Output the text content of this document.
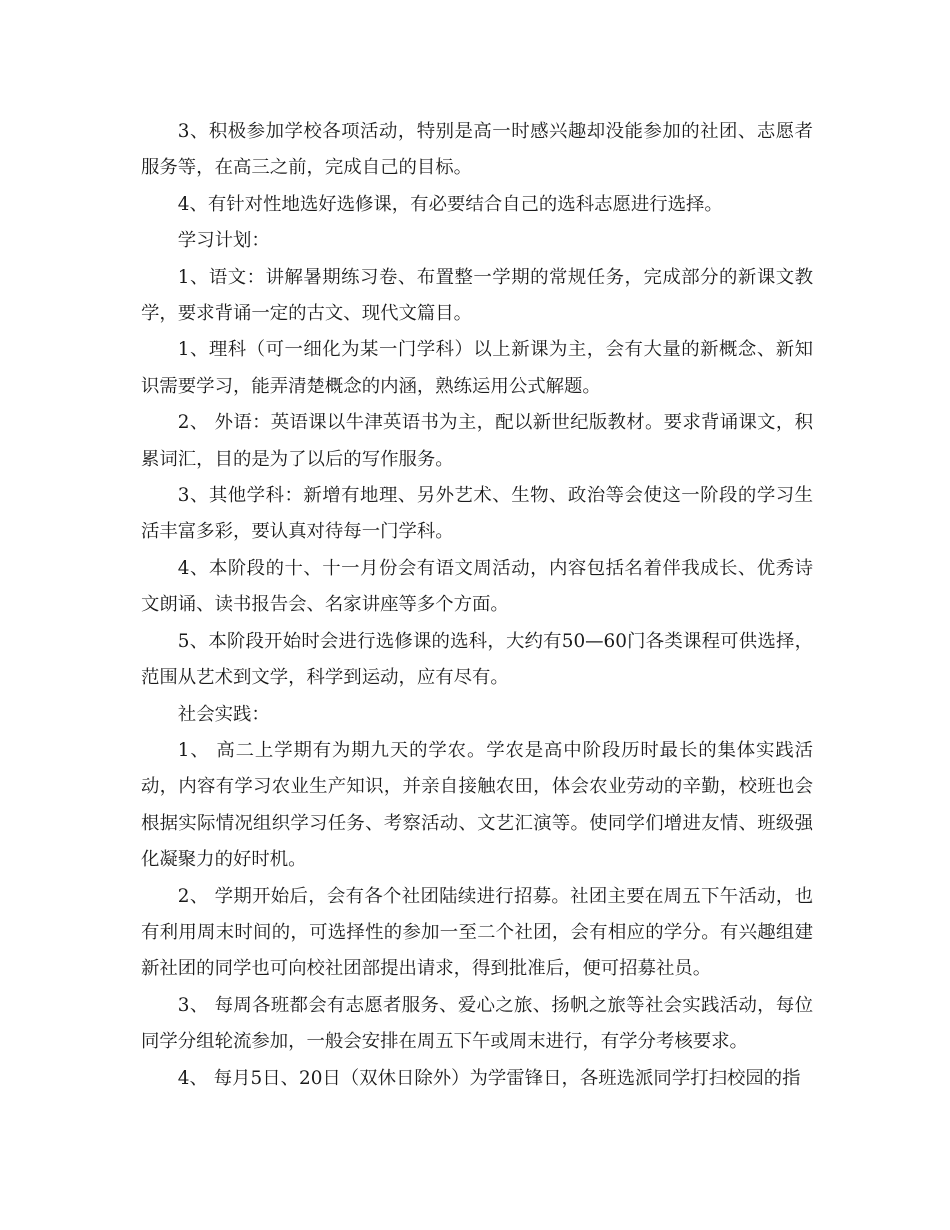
3、积极参加学校各项活动，特别是高一时感兴趣却没能参加的社团、志愿者服务等，在高三之前，完成自己的目标。

4、有针对性地选好选修课，有必要结合自己的选科志愿进行选择。

学习计划：

1、语文：讲解暑期练习卷、布置整一学期的常规任务，完成部分的新课文教学，要求背诵一定的古文、现代文篇目。

1、理科（可一细化为某一门学科）以上新课为主，会有大量的新概念、新知识需要学习，能弄清楚概念的内涵，熟练运用公式解题。

2、 外语：英语课以牛津英语书为主，配以新世纪版教材。要求背诵课文，积累词汇，目的是为了以后的写作服务。

3、其他学科：新增有地理、另外艺术、生物、政治等会使这一阶段的学习生活丰富多彩，要认真对待每一门学科。

4、本阶段的十、十一月份会有语文周活动，内容包括名着伴我成长、优秀诗文朗诵、读书报告会、名家讲座等多个方面。

5、本阶段开始时会进行选修课的选科，大约有50—60门各类课程可供选择，范围从艺术到文学，科学到运动，应有尽有。

社会实践：

1、 高二上学期有为期九天的学农。学农是高中阶段历时最长的集体实践活动，内容有学习农业生产知识，并亲自接触农田，体会农业劳动的辛勤，校班也会根据实际情况组织学习任务、考察活动、文艺汇演等。使同学们增进友情、班级强化凝聚力的好时机。

2、 学期开始后，会有各个社团陆续进行招募。社团主要在周五下午活动，也有利用周末时间的，可选择性的参加一至二个社团，会有相应的学分。有兴趣组建新社团的同学也可向校社团部提出请求，得到批准后，便可招募社员。

3、 每周各班都会有志愿者服务、爱心之旅、扬帆之旅等社会实践活动，每位同学分组轮流参加，一般会安排在周五下午或周末进行，有学分考核要求。

4、 每月5日、20日（双休日除外）为学雷锋日，各班选派同学打扫校园的指
